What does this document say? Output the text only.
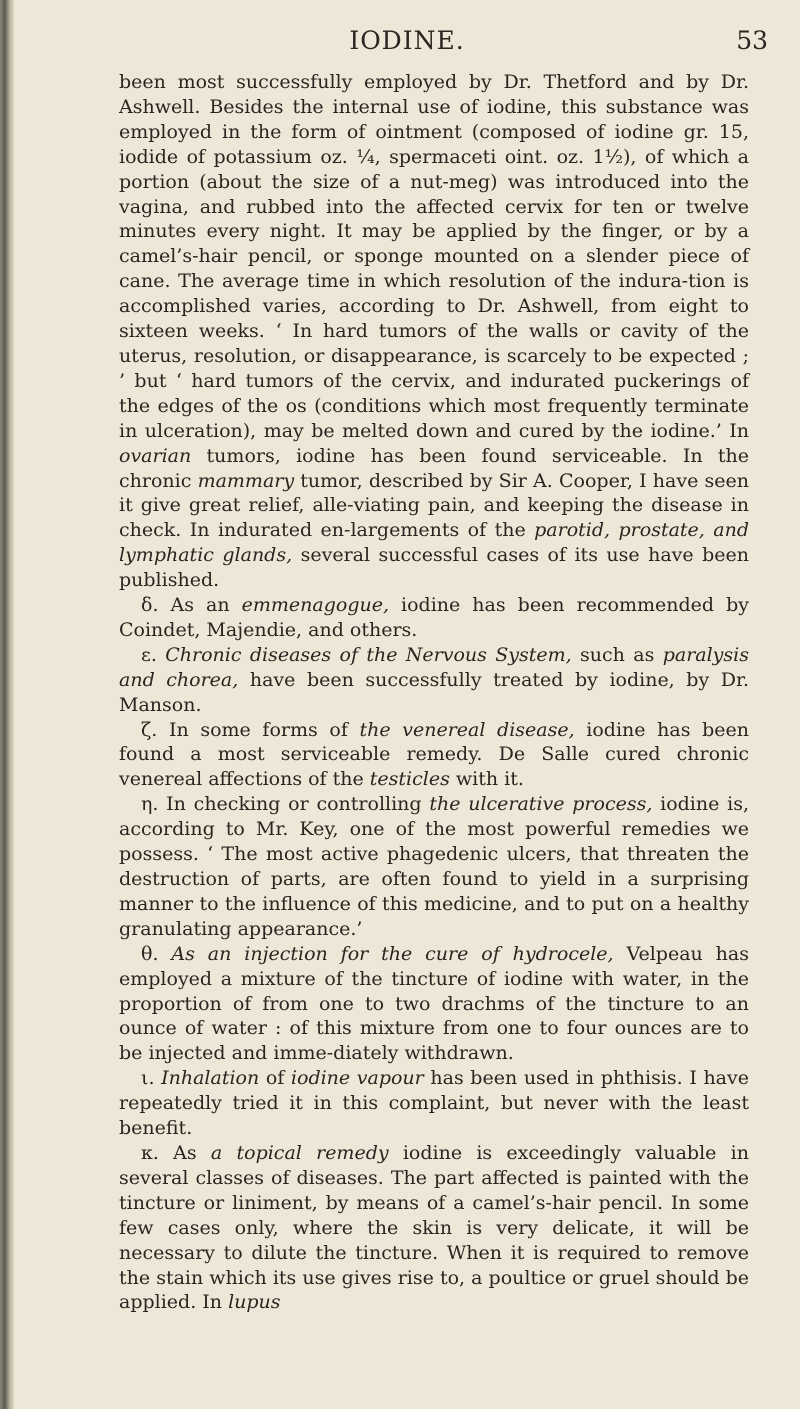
IODINE.	53

been most successfully employed by Dr. Thetford and by Dr. Ashwell. Besides the internal use of iodine, this substance was employed in the form of ointment (composed of iodine gr. 15, iodide of potassium oz. ¼, spermaceti oint. oz. 1½), of which a portion (about the size of a nut-meg) was introduced into the vagina, and rubbed into the affected cervix for ten or twelve minutes every night. It may be applied by the finger, or by a camel’s-hair pencil, or sponge mounted on a slender piece of cane. The average time in which resolution of the indura-tion is accomplished varies, according to Dr. Ashwell, from eight to sixteen weeks. ‘ In hard tumors of the walls or cavity of the uterus, resolution, or disappearance, is scarcely to be expected ; ’ but ‘ hard tumors of the cervix, and indurated puckerings of the edges of the os (conditions which most frequently terminate in ulceration), may be melted down and cured by the iodine.’ In ovarian tumors, iodine has been found serviceable. In the chronic mammary tumor, described by Sir A. Cooper, I have seen it give great relief, alle-viating pain, and keeping the disease in check. In indurated en-largements of the parotid, prostate, and lymphatic glands, several successful cases of its use have been published.

δ. As an emmenagogue, iodine has been recommended by Coindet, Majendie, and others.

ε. Chronic diseases of the Nervous System, such as paralysis and chorea, have been successfully treated by iodine, by Dr. Manson.

ζ. In some forms of the venereal disease, iodine has been found a most serviceable remedy. De Salle cured chronic venereal affections of the testicles with it.

η. In checking or controlling the ulcerative process, iodine is, according to Mr. Key, one of the most powerful remedies we possess. ‘ The most active phagedenic ulcers, that threaten the destruction of parts, are often found to yield in a surprising manner to the influence of this medicine, and to put on a healthy granulating appearance.’

θ. As an injection for the cure of hydrocele, Velpeau has employed a mixture of the tincture of iodine with water, in the proportion of from one to two drachms of the tincture to an ounce of water : of this mixture from one to four ounces are to be injected and imme-diately withdrawn.

ι. Inhalation of iodine vapour has been used in phthisis. I have repeatedly tried it in this complaint, but never with the least benefit.

κ. As a topical remedy iodine is exceedingly valuable in several classes of diseases. The part affected is painted with the tincture or liniment, by means of a camel’s-hair pencil. In some few cases only, where the skin is very delicate, it will be necessary to dilute the tincture. When it is required to remove the stain which its use gives rise to, a poultice or gruel should be applied. In lupus
